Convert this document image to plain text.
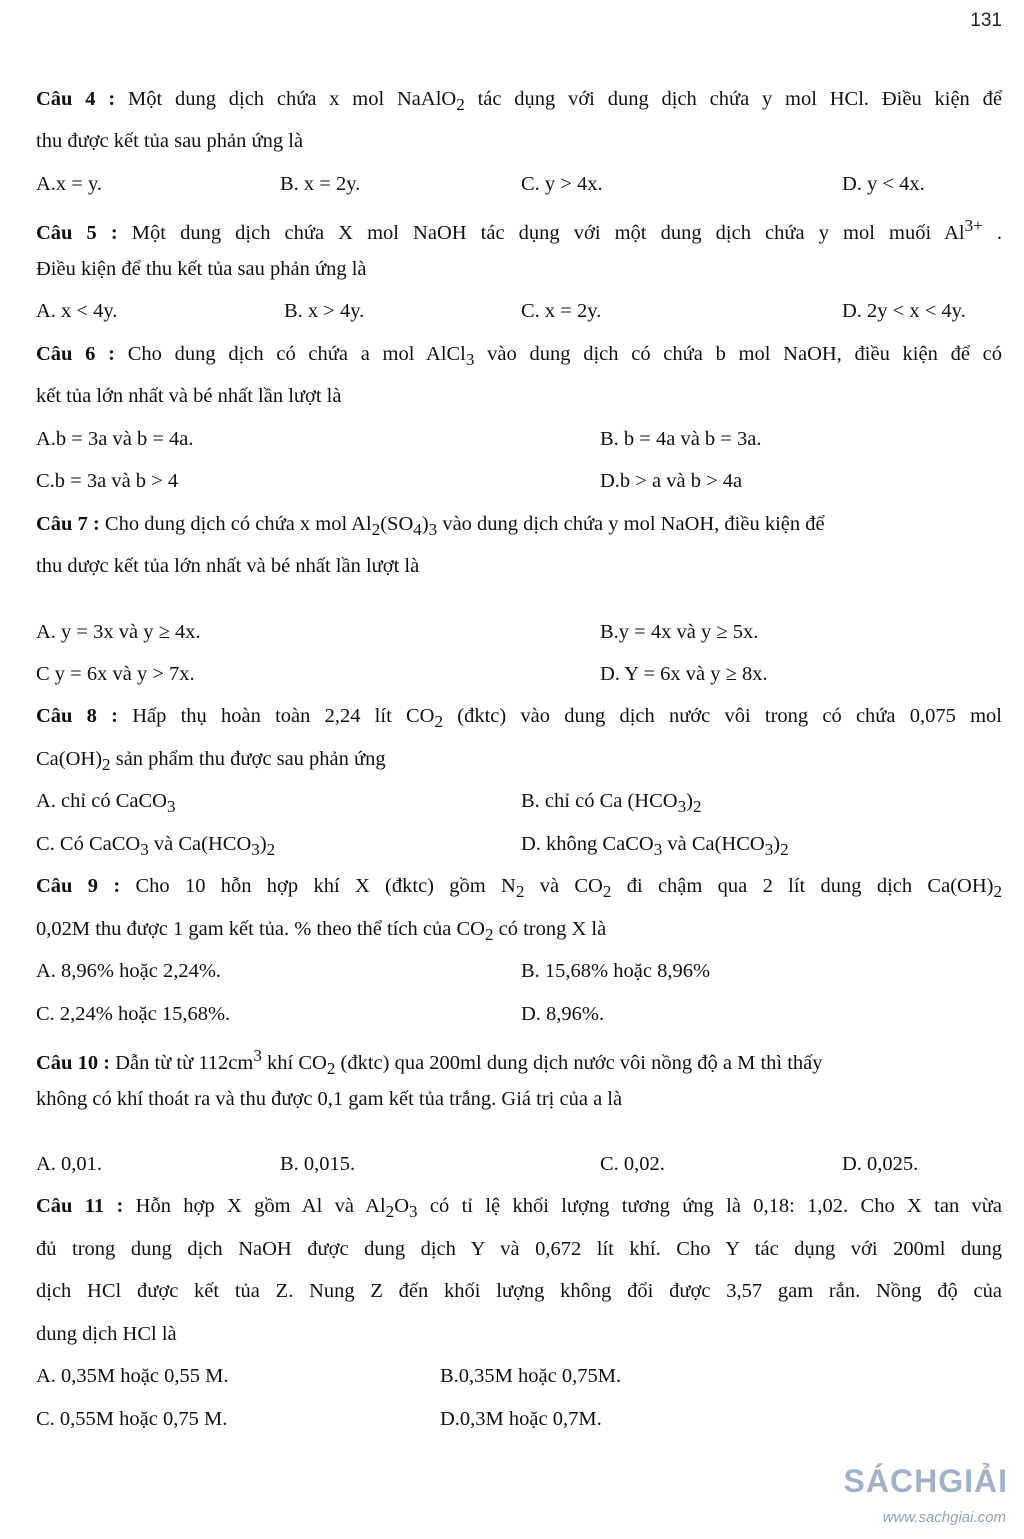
131
Câu 4 : Một dung dịch chứa x mol NaAlO$_2$ tác dụng với dung dịch chứa y mol HCl. Điều kiện để
thu được kết tủa sau phản ứng là
A.x = y.	B. x = 2y.	C. y > 4x.	D. y < 4x.
Câu 5 : Một dung dịch chứa X mol NaOH tác dụng với một dung dịch chứa y mol muối $Al^{3+}$ .
Điều kiện để thu kết tủa sau phản ứng là
A. x < 4y.	B. x > 4y.	C. x = 2y.	D. 2y < x < 4y.
Câu 6 : Cho dung dịch có chứa a mol AlCl$_3$ vào dung dịch có chứa b mol NaOH, điều kiện để có
kết tủa lớn nhất và bé nhất lần lượt là
A.b = 3a và b = 4a.	B. b = 4a và b = 3a.
C.b = 3a và b > 4	D.b > a và b > 4a
Câu 7 : Cho dung dịch có chứa x mol $Al_2(SO_4)_3$ vào dung dịch chứa y mol NaOH, điều kiện để
thu dược kết tủa lớn nhất và bé nhất lần lượt là
A. y = 3x và y ≥ 4x.	B.y = 4x và y ≥ 5x.
C y = 6x và y > 7x.	D. Y = 6x và y ≥ 8x.
Câu 8 : Hấp thụ hoàn toàn 2,24 lít $CO_2$ (đktc) vào dung dịch nước vôi trong có chứa 0,075 mol
$Ca(OH)_2$ sản phẩm thu được sau phản ứng
A. chỉ có CaCO$_3$	B. chỉ có Ca $(HCO_3)_2$
C. Có CaCO$_3$ và $Ca(HCO_3)_2$	D. không CaCO$_3$ và $Ca(HCO_3)_2$
Câu 9 : Cho 10 hỗn hợp khí X (đktc) gồm $N_2$ và $CO_2$ đi chậm qua 2 lít dung dịch $Ca(OH)_2$
0,02M thu được 1 gam kết tủa. % theo thể tích của $CO_2$ có trong X là
A. 8,96% hoặc 2,24%.	B. 15,68% hoặc 8,96%
C. 2,24% hoặc 15,68%.	D. 8,96%.
Câu 10 : Dẫn từ từ $112cm^3$ khí $CO_2$ (đktc) qua 200ml dung dịch nước vôi nồng độ a M thì thấy
không có khí thoát ra và thu được 0,1 gam kết tủa trắng. Giá trị của a là
A. 0,01.	B. 0,015.	C. 0,02.	D. 0,025.
Câu 11 : Hỗn hợp X gồm Al và $Al_2O_3$ có tỉ lệ khối lượng tương ứng là 0,18: 1,02. Cho X tan vừa
đủ trong dung dịch NaOH được dung dịch Y và 0,672 lít khí. Cho Y tác dụng với 200ml dung
dịch HCl được kết tủa Z. Nung Z đến khối lượng không đổi được 3,57 gam rắn. Nồng độ của
dung dịch HCl là
A. 0,35M hoặc 0,55 M.	B.0,35M hoặc 0,75M.
C. 0,55M hoặc 0,75 M.	D.0,3M hoặc 0,7M.
SÁCHGIẢI
www.sachgiai.com
